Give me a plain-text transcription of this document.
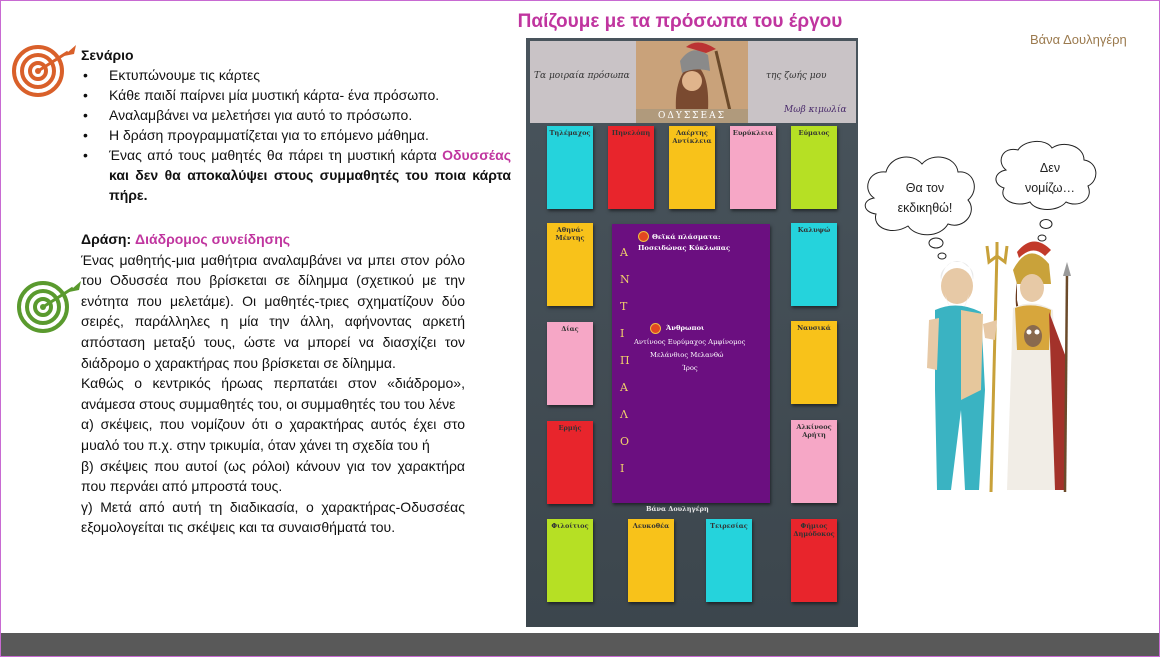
Παίζουμε με τα πρόσωπα του έργου
Βάνα Δουληγέρη
Σενάριο
• Εκτυπώνουμε τις κάρτες
• Κάθε παιδί παίρνει μία μυστική κάρτα- ένα πρόσωπο.
• Αναλαμβάνει να μελετήσει για αυτό το πρόσωπο.
• Η δράση προγραμματίζεται για το επόμενο μάθημα.
• Ένας από τους μαθητές θα πάρει τη μυστική κάρτα Οδυσσέας και δεν θα αποκαλύψει στους συμμαθητές του ποια κάρτα πήρε.

Δράση: Διάδρομος συνείδησης

Ένας μαθητής-μια μαθήτρια αναλαμβάνει να μπει στον ρόλο του Οδυσσέα που βρίσκεται σε δίλημμα (σχετικού με την ενότητα που μελετάμε). Οι μαθητές-τριες σχηματίζουν δύο σειρές, παράλληλες η μία την άλλη, αφήνοντας αρκετή απόσταση μεταξύ τους, ώστε να μπορεί να διασχίζει τον διάδρομο ο χαρακτήρας που βρίσκεται σε δίλημμα.

Καθώς ο κεντρικός ήρωας περπατάει στον «διάδρομο», ανάμεσα στους συμμαθητές του, οι συμμαθητές του του λένε

α) σκέψεις, που νομίζουν ότι ο χαρακτήρας αυτός έχει στο μυαλό του π.χ. στην τρικυμία, όταν χάνει τη σχεδία του ή

β) σκέψεις που αυτοί (ως ρόλοι) κάνουν για τον χαρακτήρα που περνάει από μπροστά τους.

γ) Μετά από αυτή τη διαδικασία, ο χαρακτήρας-Οδυσσέας εξομολογείται τις σκέψεις και τα συναισθήματά του.

Τα μοιραία πρόσωπα
ΟΔΥΣΣΕΑΣ
της ζωής μου
Μωβ κιμωλία
Τηλέμαχος	Πηνελόπη	Λαέρτης Αντίκλεια
Ευρύκλεια	Εύμαιος
Αθηνά-Μέντης
Καλυψώ
Δίας	Ναυσικά
Ερμής	Αλκίνοος Αρήτη
Φιλοίτιος	Λευκοθέα	Τειρεσίας	Φήμιος Δημόδοκος
Α
Ν
Τ
Ι
Π
Α
Λ
Ο
Ι
Θεϊκά πλάσματα:
Ποσειδώνας Κύκλωπας
Άνθρωποι
Αντίνοος Ευρύμαχος Αμφίνομος
Μελάνθιος Μελανθώ
Ίρος
Βάνα Δουληγέρη
Θα τον εκδικηθώ!
Δεν νομίζω…
